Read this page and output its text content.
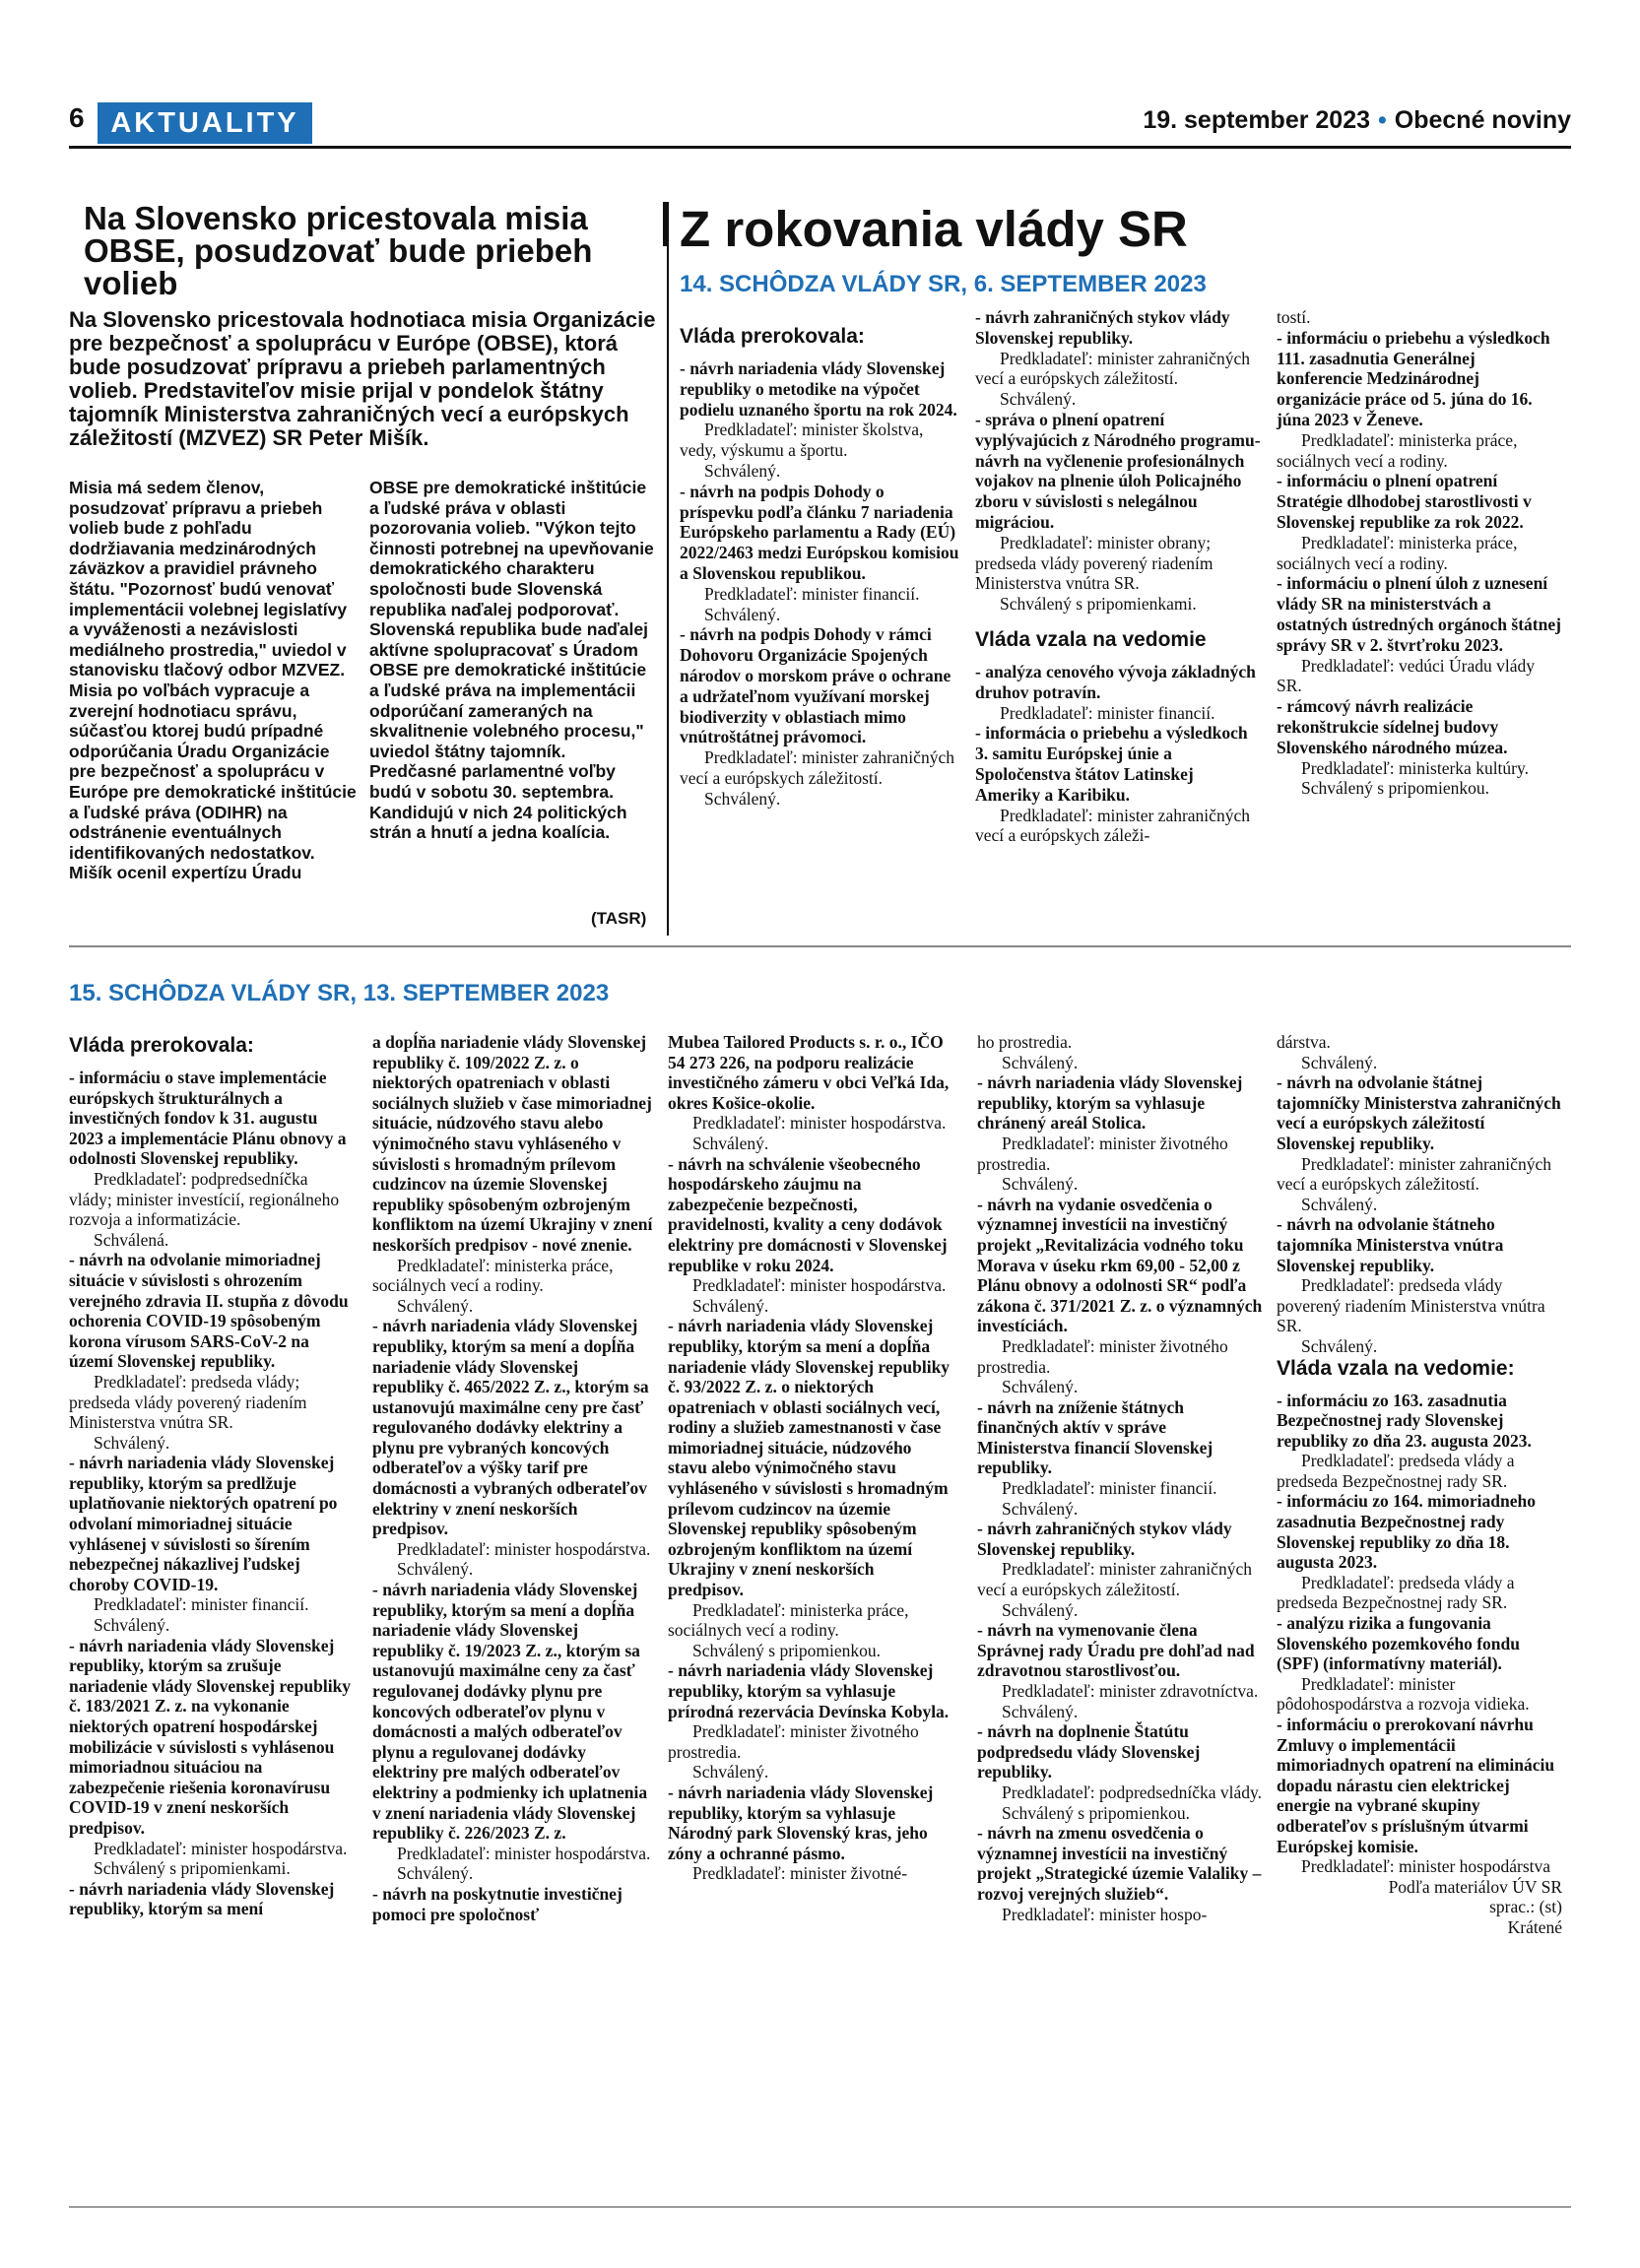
6 AKTUALITY	19. september 2023 • Obecné noviny
Na Slovensko pricestovala misia OBSE, posudzovať bude priebeh volieb
Na Slovensko pricestovala hodnotiaca misia Organizácie pre bezpečnosť a spoluprácu v Európe (OBSE), ktorá bude posudzovať prípravu a priebeh parlamentných volieb. Predstaviteľov misie prijal v pondelok štátny tajomník Ministerstva zahraničných vecí a európskych záležitostí (MZVEZ) SR Peter Mišík.

Misia má sedem členov, posudzovať prípravu a priebeh volieb bude z pohľadu dodržiavania medzinárodných záväzkov a pravidiel právneho štátu. "Pozornosť budú venovať implementácii volebnej legislatívy a vyváženosti a nezávislosti mediálneho prostredia," uviedol v stanovisku tlačový odbor MZVEZ. Misia po voľbách vypracuje a zverejní hodnotiacu správu, súčasťou ktorej budú prípadné odporúčania Úradu Organizácie pre bezpečnosť a spoluprácu v Európe pre demokratické inštitúcie a ľudské práva (ODIHR) na odstránenie eventuálnych identifikovaných nedostatkov.

Mišík ocenil expertízu Úradu

OBSE pre demokratické inštitúcie a ľudské práva v oblasti pozorovania volieb. "Výkon tejto činnosti potrebnej na upevňovanie demokratického charakteru spoločnosti bude Slovenská republika naďalej podporovať. Slovenská republika bude naďalej aktívne spolupracovať s Úradom OBSE pre demokratické inštitúcie a ľudské práva na implementácii odporúčaní zameraných na skvalitnenie volebného procesu," uviedol štátny tajomník. Predčasné parlamentné voľby budú v sobotu 30. septembra. Kandidujú v nich 24 politických strán a hnutí a jedna koalícia.

(TASR)
Z rokovania vlády SR
14. SCHÔDZA VLÁDY SR, 6. SEPTEMBER 2023
Vláda prerokovala:

- návrh nariadenia vlády Slovenskej republiky o metodike na výpočet podielu uznaného športu na rok 2024.

Predkladateľ: minister školstva, vedy, výskumu a športu.

Schválený.

- návrh na podpis Dohody o príspevku podľa článku 7 nariadenia Európskeho parlamentu a Rady (EÚ) 2022/2463 medzi Európskou komisiou a Slovenskou republikou.

Predkladateľ: minister financií.

Schválený.

- návrh na podpis Dohody v rámci Dohovoru Organizácie Spojených národov o morskom práve o ochrane a udržateľnom využívaní morskej biodiverzity v oblastiach mimo vnútroštátnej právomoci.

Predkladateľ: minister zahraničných vecí a európskych záležitostí.

Schválený.

- návrh zahraničných stykov vlády Slovenskej republiky.

Predkladateľ: minister zahraničných vecí a európskych záležitostí.

Schválený.

- správa o plnení opatrení vyplývajúcich z Národného programu- návrh na vyčlenenie profesionálnych vojakov na plnenie úloh Policajného zboru v súvislosti s nelegálnou migráciou.

Predkladateľ: minister obrany; predseda vlády poverený riadením Ministerstva vnútra SR.

Schválený s pripomienkami.

Vláda vzala na vedomie

- analýza cenového vývoja základných druhov potravín.

Predkladateľ: minister financií.

- informácia o priebehu a výsledkoch 3. samitu Európskej únie a Spoločenstva štátov Latinskej Ameriky a Karibiku.

Predkladateľ: minister zahraničných vecí a európskych záleži-

tostí.

- informáciu o priebehu a výsledkoch 111. zasadnutia Generálnej konferencie Medzinárodnej organizácie práce od 5. júna do 16. júna 2023 v Ženeve.

Predkladateľ: ministerka práce, sociálnych vecí a rodiny.

- informáciu o plnení opatrení Stratégie dlhodobej starostlivosti v Slovenskej republike za rok 2022.

Predkladateľ: ministerka práce, sociálnych vecí a rodiny.

- informáciu o plnení úloh z uznesení vlády SR na ministerstvách a ostatných ústredných orgánoch štátnej správy SR v 2. štvrťroku 2023.

Predkladateľ: vedúci Úradu vlády SR.

- rámcový návrh realizácie rekonštrukcie sídelnej budovy Slovenského národného múzea.

Predkladateľ: ministerka kultúry.

Schválený s pripomienkou.

15. SCHÔDZA VLÁDY SR, 13. SEPTEMBER 2023
Vláda prerokovala:

- informáciu o stave implementácie európskych štrukturálnych a investičných fondov k 31. augustu 2023 a implementácie Plánu obnovy a odolnosti Slovenskej republiky.

Predkladateľ: podpredsedníčka vlády; minister investícií, regionálneho rozvoja a informatizácie.

Schválená.

- návrh na odvolanie mimoriadnej situácie v súvislosti s ohrozením verejného zdravia II. stupňa z dôvodu ochorenia COVID-19 spôsobeným korona vírusom SARS-CoV-2 na území Slovenskej republiky.

Predkladateľ: predseda vlády; predseda vlády poverený riadením Ministerstva vnútra SR.

Schválený.

- návrh nariadenia vlády Slovenskej republiky, ktorým sa predlžuje uplatňovanie niektorých opatrení po odvolaní mimoriadnej situácie vyhlásenej v súvislosti so šírením nebezpečnej nákazlivej ľudskej choroby COVID-19.

Predkladateľ: minister financií.

Schválený.

- návrh nariadenia vlády Slovenskej republiky, ktorým sa zrušuje nariadenie vlády Slovenskej republiky č. 183/2021 Z. z. na vykonanie niektorých opatrení hospodárskej mobilizácie v súvislosti s vyhlásenou mimoriadnou situáciou na zabezpečenie riešenia koronavírusu COVID-19 v znení neskorších predpisov.

Predkladateľ: minister hospodárstva.

Schválený s pripomienkami.

- návrh nariadenia vlády Slovenskej republiky, ktorým sa mení

a dopĺňa nariadenie vlády Slovenskej republiky č. 109/2022 Z. z. o niektorých opatreniach v oblasti sociálnych služieb v čase mimoriadnej situácie, núdzového stavu alebo výnimočného stavu vyhláseného v súvislosti s hromadným prílevom cudzincov na územie Slovenskej republiky spôsobeným ozbrojeným konfliktom na území Ukrajiny v znení neskorších predpisov - nové znenie.

Predkladateľ: ministerka práce, sociálnych vecí a rodiny.

Schválený.

- návrh nariadenia vlády Slovenskej republiky, ktorým sa mení a dopĺňa nariadenie vlády Slovenskej republiky č. 465/2022 Z. z., ktorým sa ustanovujú maximálne ceny pre časť regulovaného dodávky elektriny a plynu pre vybraných koncových odberateľov a výšky tarif pre domácnosti a vybraných odberateľov elektriny v znení neskorších predpisov.

Predkladateľ: minister hospodárstva.

Schválený.

- návrh nariadenia vlády Slovenskej republiky, ktorým sa mení a dopĺňa nariadenie vlády Slovenskej republiky č. 19/2023 Z. z., ktorým sa ustanovujú maximálne ceny za časť regulovanej dodávky plynu pre koncových odberateľov plynu v domácnosti a malých odberateľov plynu a regulovanej dodávky elektriny pre malých odberateľov elektriny a podmienky ich uplatnenia v znení nariadenia vlády Slovenskej republiky č. 226/2023 Z. z.

Predkladateľ: minister hospodárstva.

Schválený.

- návrh na poskytnutie investičnej pomoci pre spoločnosť

Mubea Tailored Products s. r. o., IČO 54 273 226, na podporu realizácie investičného zámeru v obci Veľká Ida, okres Košice-okolie.

Predkladateľ: minister hospodárstva.

Schválený.

- návrh na schválenie všeobecného hospodárskeho záujmu na zabezpečenie bezpečnosti, pravidelnosti, kvality a ceny dodávok elektriny pre domácnosti v Slovenskej republike v roku 2024.

Predkladateľ: minister hospodárstva.

Schválený.

- návrh nariadenia vlády Slovenskej republiky, ktorým sa mení a dopĺňa nariadenie vlády Slovenskej republiky č. 93/2022 Z. z. o niektorých opatreniach v oblasti sociálnych vecí, rodiny a služieb zamestnanosti v čase mimoriadnej situácie, núdzového stavu alebo výnimočného stavu vyhláseného v súvislosti s hromadným prílevom cudzincov na územie Slovenskej republiky spôsobeným ozbrojeným konfliktom na území Ukrajiny v znení neskorších predpisov.

Predkladateľ: ministerka práce, sociálnych vecí a rodiny.

Schválený s pripomienkou.

- návrh nariadenia vlády Slovenskej republiky, ktorým sa vyhlasuje prírodná rezervácia Devínska Kobyla.

Predkladateľ: minister životného prostredia.

Schválený.

- návrh nariadenia vlády Slovenskej republiky, ktorým sa vyhlasuje Národný park Slovenský kras, jeho zóny a ochranné pásmo.

Predkladateľ: minister životné-

ho prostredia.

Schválený.

- návrh nariadenia vlády Slovenskej republiky, ktorým sa vyhlasuje chránený areál Stolica.

Predkladateľ: minister životného prostredia.

Schválený.

- návrh na vydanie osvedčenia o významnej investícii na investičný projekt „Revitalizácia vodného toku Morava v úseku rkm 69,00 - 52,00 z Plánu obnovy a odolnosti SR“ podľa zákona č. 371/2021 Z. z. o významných investíciách.

Predkladateľ: minister životného prostredia.

Schválený.

- návrh na zníženie štátnych finančných aktív v správe Ministerstva financií Slovenskej republiky.

Predkladateľ: minister financií.

Schválený.

- návrh zahraničných stykov vlády Slovenskej republiky.

Predkladateľ: minister zahraničných vecí a európskych záležitostí.

Schválený.

- návrh na vymenovanie člena Správnej rady Úradu pre dohľad nad zdravotnou starostlivosťou.

Predkladateľ: minister zdravotníctva.

Schválený.

- návrh na doplnenie Štatútu podpredsedu vlády Slovenskej republiky.

Predkladateľ: podpredsedníčka vlády.

Schválený s pripomienkou.

- návrh na zmenu osvedčenia o významnej investícii na investičný projekt „Strategické územie Valaliky – rozvoj verejných služieb“.

Predkladateľ: minister hospo-

dárstva.

Schválený.

- návrh na odvolanie štátnej tajomníčky Ministerstva zahraničných vecí a európskych záležitostí Slovenskej republiky.

Predkladateľ: minister zahraničných vecí a európskych záležitostí.

Schválený.

- návrh na odvolanie štátneho tajomníka Ministerstva vnútra Slovenskej republiky.

Predkladateľ: predseda vlády poverený riadením Ministerstva vnútra SR.

Schválený.

Vláda vzala na vedomie:

- informáciu zo 163. zasadnutia Bezpečnostnej rady Slovenskej republiky zo dňa 23. augusta 2023.

Predkladateľ: predseda vlády a predseda Bezpečnostnej rady SR.

- informáciu zo 164. mimoriadneho zasadnutia Bezpečnostnej rady Slovenskej republiky zo dňa 18. augusta 2023.

Predkladateľ: predseda vlády a predseda Bezpečnostnej rady SR.

- analýzu rizika a fungovania Slovenského pozemkového fondu (SPF) (informatívny materiál).

Predkladateľ: minister pôdohospodárstva a rozvoja vidieka.

- informáciu o prerokovaní návrhu Zmluvy o implementácii mimoriadnych opatrení na elimináciu dopadu nárastu cien elektrickej energie na vybrané skupiny odberateľov s príslušným útvarmi Európskej komisie.

Predkladateľ: minister hospodárstva

Podľa materiálov ÚV SR

sprac.: (st)

Krátené
